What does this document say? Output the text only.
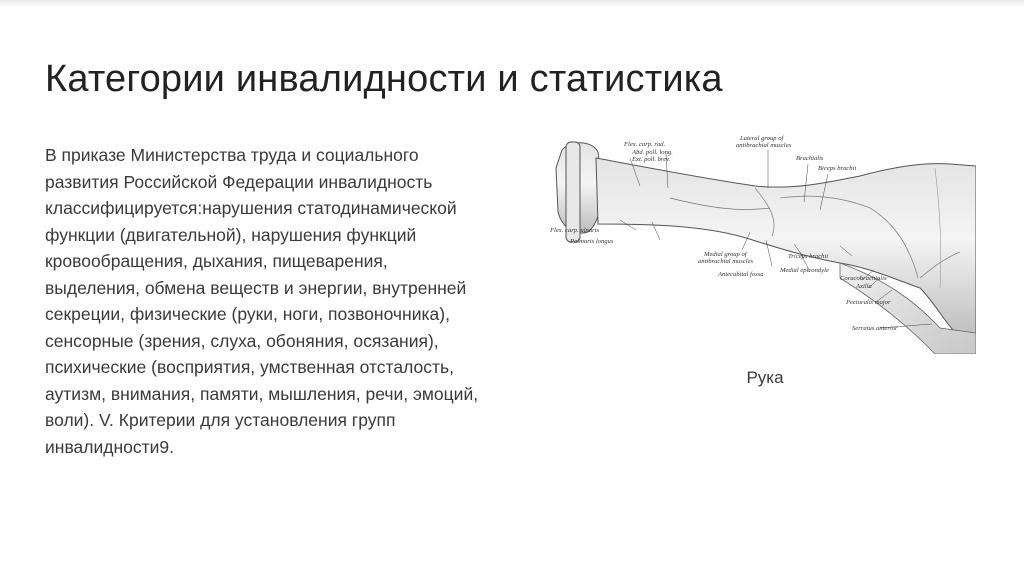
Категории инвалидности и статистика
В приказе Министерства труда и социального развития Российской Федерации инвалидность классифицируется:нарушения статодинамической функции (двигательной), нарушения функций кровообращения, дыхания, пищеварения, выделения, обмена веществ и энергии, внутренней секреции, физические (руки, ноги, позвоночника), сенсорные (зрения, слуха, обоняния, осязания), психические (восприятия, умственная отсталость, аутизм, внимания, памяти, мышления, речи, эмоций, воли). V. Критерии для установления групп инвалидности9.
Flex. carp. rad.
Abd. poll. long.
Ext. poll. brev.
Lateral group of
antibrachial muscles
Brachialis
Biceps brachii
Flex. carp. ulnaris
Palmaris longus
Medial group of
antibrachial muscles
Antecubital fossa
Triceps brachii
Medial epicondyle
Coracobrachialis
Axilla
Pectoralis major
Serratus anterior
Рука
